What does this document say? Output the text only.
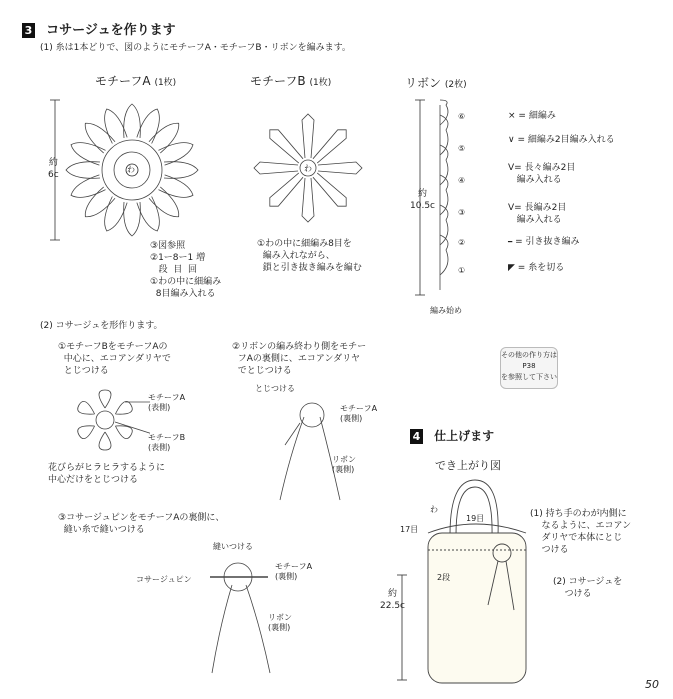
3 コサージュを作ります
(1) 糸は1本どりで、図のようにモチーフA・モチーフB・リボンを編みます。
モチーフA (1枚)	モチーフB (1枚)	リボン (2枚)
約
6c
わ
③図参照
②1ー8ー1 増
段  目  回
①わの中に細編み
8目編み入れる
わ
①わの中に細編み8目を
編み入れながら、
鎖と引き抜き編みを編む
約
10.5c
⑥
⑤
④
③
②
①
編み始め
× = 細編み
∨ = 細編み2目編み入れる
V= 長々編み2目
編み入れる
V= 長編み2目
編み入れる
━ = 引き抜き編み
◤ = 糸を切る
(2) コサージュを形作ります。
①モチーフBをモチーフAの
中心に、エコアンダリヤで
とじつける
モチーフA
(表側)
モチーフB
(表側)
花びらがヒラヒラするように
中心だけをとじつける
②リボンの編み終わり側をモチー
フAの裏側に、エコアンダリヤ
でとじつける
とじつける
モチーフA
(裏側)
リボン
(裏側)
③コサージュピンをモチーフAの裏側に、
縫い糸で縫いつける
縫いつける
コサージュピン
モチーフA
(裏側)
リボン
(裏側)
その他の作り方は
P38
を参照して下さい
4 仕上げます
でき上がり図
わ
19目
17目
2段
約
22.5c
(1) 持ち手のわが内側に
なるように、エコアン
ダリヤで本体にとじ
つける
(2) コサージュを
つける
50
